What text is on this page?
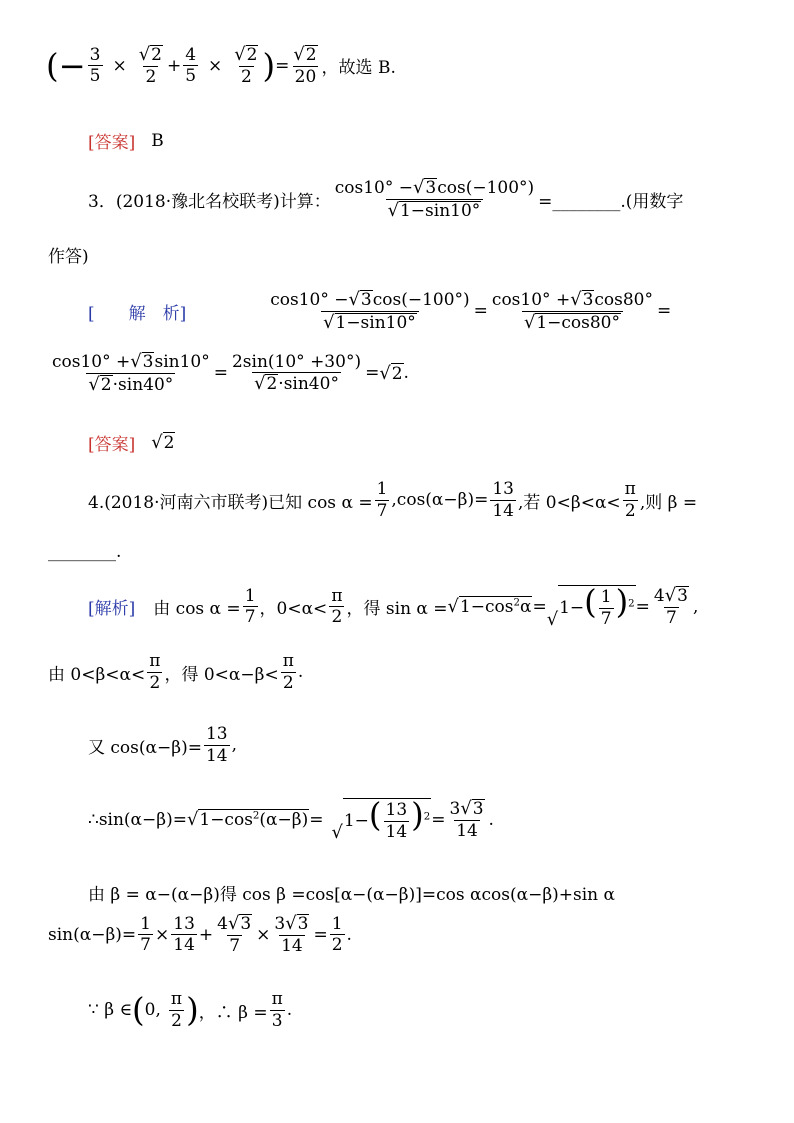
(− $\frac{3}{5} \times \frac{√ 2}{2} + \frac{4}{5} \times \frac{√ 2}{2}$ ) = $\frac{√ 2}{20}$ ，故选 B.
[答案] B
3．(2018·豫北名校联考)计算： $\frac{\cos 10^\circ - √ 3 \cos(-100^\circ)}{√ 1-\sin 10^\circ}$ =________.(用数字
作答)
[　　解　析]	$\frac{\cos 10^\circ - √ 3 \cos(-100^\circ)}{√ 1-\sin 10^\circ} = \frac{\cos 10^\circ + √ 3 \cos 80^\circ}{√ 1-\cos 80^\circ}$ =
$\frac{\cos 10^\circ + √ 3 \sin 10^\circ}{√ 2 \cdot\sin 40^\circ} = \frac{2\sin(10^\circ +30^\circ)}{√ 2 \cdot\sin 40^\circ}$ = √ 2 .
[答案] √ 2
4.(2018·河南六市联考)已知 $\cos \alpha = \frac{1}{7} ,\cos(\alpha-\beta)= \frac{13}{14}$ ,若 $0<\beta<\alpha< \frac{\pi}{2}$ ,则 β =
________.
[解析] 由 $\cos \alpha = \frac{1}{7}$ ，$0<\alpha< \frac{\pi}{2}$ ，得 sin α = √ $1-\cos^2\alpha$ =
√
$1-( \frac{1}{7} )^2 = \frac{4 √ 3}{7}$ ,
由 $0<\beta<\alpha< \frac{\pi}{2}$ ，得 $0<\alpha-\beta< \frac{\pi}{2}$ .
又 $\cos(\alpha-\beta)= \frac{13}{14}$ ,
∴sin(α−β)= √ $1-\cos^2(\alpha-\beta)$ =
√
$1-( \frac{13}{14} )^2 = \frac{3 √ 3}{14}$ .
由 β = α−(α−β)得 cos β =cos[α−(α−β)]=cos αcos(α−β)+sin α
$\sin(\alpha-\beta)= \frac{1}{7} \times \frac{13}{14} + \frac{4 √ 3}{7} \times \frac{3 √ 3}{14} = \frac{1}{2}$ .
∵ β ∈ ( 0, $\frac{\pi}{2}$ ) ，∴ $\beta = \frac{\pi}{3}$ .
